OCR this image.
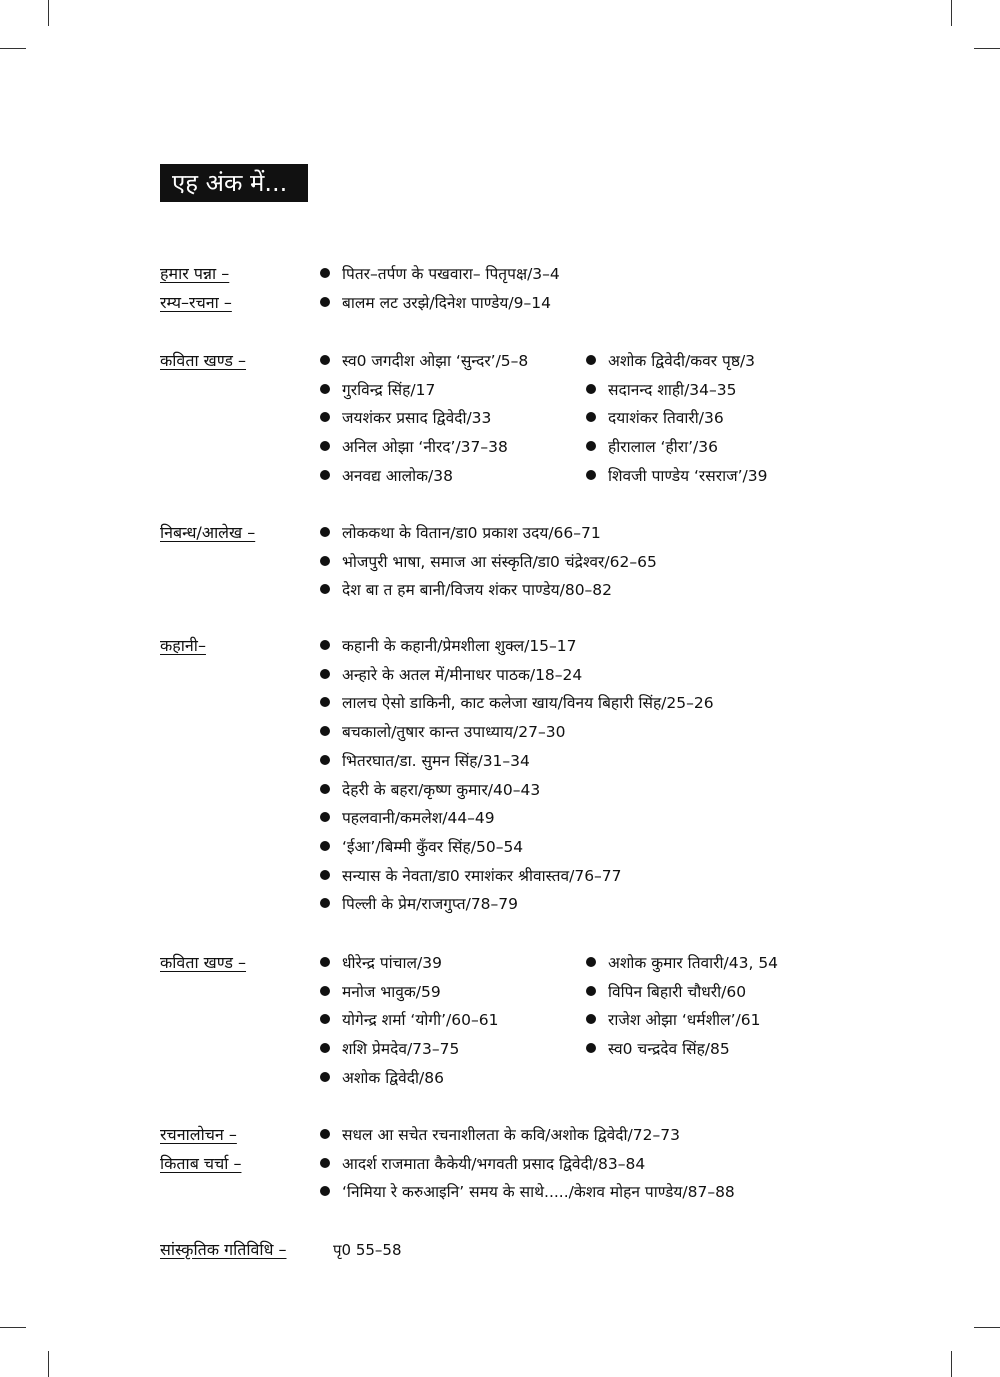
एह अंक में...
हमार पन्ना –	पितर–तर्पण के पखवारा– पितृपक्ष/3–4
रम्य–रचना –	बालम लट उरझे/दिनेश पाण्डेय/9–14
कविता खण्ड –	स्व0 जगदीश ओझा ‘सुन्दर’/5–8	अशोक द्विवेदी/कवर पृष्ठ/3
गुरविन्द्र सिंह/17	सदानन्द शाही/34–35
जयशंकर प्रसाद द्विवेदी/33	दयाशंकर तिवारी/36
अनिल ओझा ‘नीरद’/37–38	हीरालाल ‘हीरा’/36
अनवद्य आलोक/38	शिवजी पाण्डेय ‘रसराज’/39
निबन्ध/आलेख –	लोककथा के वितान/डा0 प्रकाश उदय/66–71
भोजपुरी भाषा, समाज आ संस्कृति/डा0 चंद्रेश्वर/62–65
देश बा त हम बानी/विजय शंकर पाण्डेय/80–82
कहानी–	कहानी के कहानी/प्रेमशीला शुक्ल/15–17
अन्हारे के अतल में/मीनाधर पाठक/18–24
लालच ऐसो डाकिनी, काट कलेजा खाय/विनय बिहारी सिंह/25–26
बचकालो/तुषार कान्त उपाध्याय/27–30
भितरघात/डा. सुमन सिंह/31–34
देहरी के बहरा/कृष्ण कुमार/40–43
पहलवानी/कमलेश/44–49
‘ईआ’/बिम्मी कुँवर सिंह/50–54
सन्यास के नेवता/डा0 रमाशंकर श्रीवास्तव/76–77
पिल्ली के प्रेम/राजगुप्त/78–79
कविता खण्ड –	धीरेन्द्र पांचाल/39	अशोक कुमार तिवारी/43, 54
मनोज भावुक/59	विपिन बिहारी चौधरी/60
योगेन्द्र शर्मा ‘योगी’/60–61	राजेश ओझा ‘धर्मशील’/61
शशि प्रेमदेव/73–75	स्व0 चन्द्रदेव सिंह/85
अशोक द्विवेदी/86
रचनालोचन –	सधल आ सचेत रचनाशीलता के कवि/अशोक द्विवेदी/72–73
किताब चर्चा –	आदर्श राजमाता कैकेयी/भगवती प्रसाद द्विवेदी/83–84
‘निमिया रे करुआइनि’ समय के साथे...../केशव मोहन पाण्डेय/87–88
सांस्कृतिक गतिविधि –	पृ0 55–58
